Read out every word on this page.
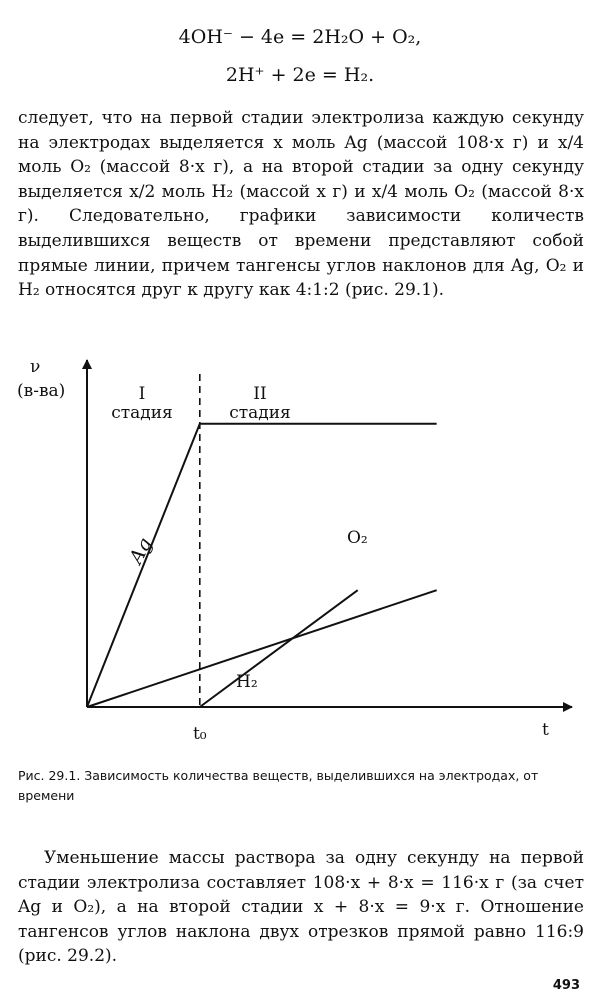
4OH⁻ − 4e = 2H₂O + O₂,
2H⁺ + 2e = H₂.
следует, что на первой стадии электролиза каждую секунду на электродах выделяется x моль Ag (массой 108·x г) и x/4 моль O₂ (массой 8·x г), а на второй стадии за одну секунду выделяется x/2 моль H₂ (массой x г) и x/4 моль O₂ (массой 8·x г). Следовательно, графики зависимости количеств выделившихся веществ от времени представляют собой прямые линии, причем тангенсы углов наклонов для Ag, O₂ и H₂ относятся друг к другу как 4:1:2 (рис. 29.1).
ν
(в-ва)
t
t₀
I
стадия
II
стадия
Ag	O₂
H₂
Рис. 29.1. Зависимость количества веществ, выделившихся на электродах, от времени
Уменьшение массы раствора за одну секунду на первой стадии электролиза составляет 108·x + 8·x = 116·x г (за счет Ag и O₂), а на второй стадии x + 8·x = 9·x г. Отношение тангенсов углов наклона двух отрезков прямой равно 116:9 (рис. 29.2).
493
